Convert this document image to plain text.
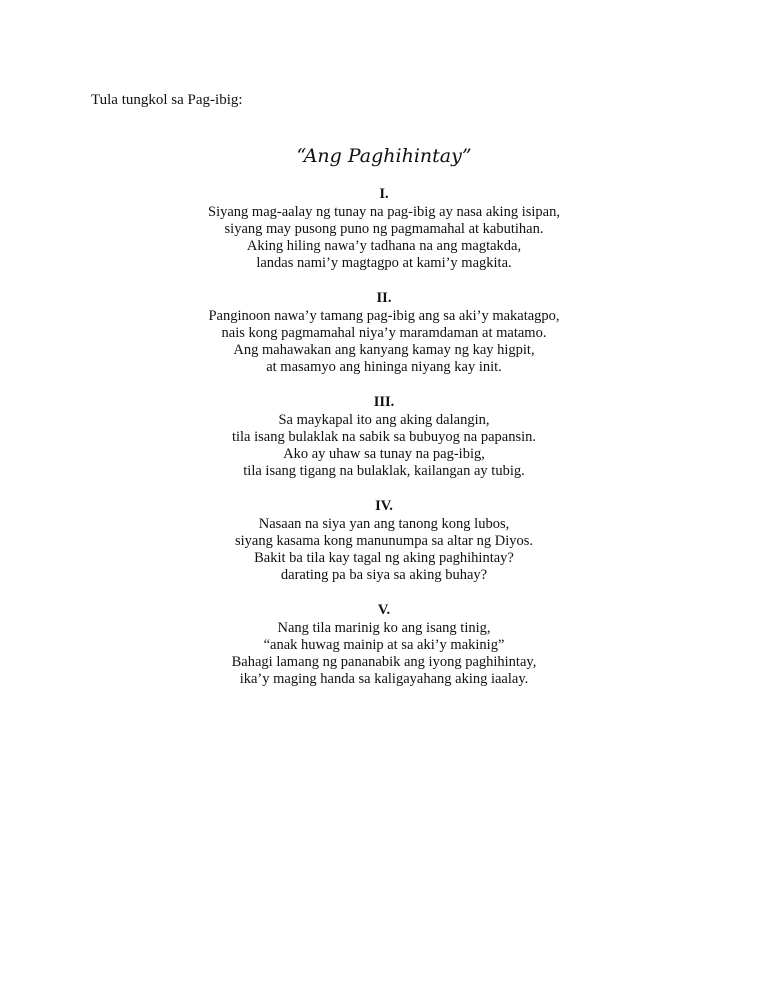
Tula tungkol sa Pag-ibig:

“Ang Paghihintay”
I.
Siyang mag-aalay ng tunay na pag-ibig ay nasa aking isipan,
siyang may pusong puno ng pagmamahal at kabutihan.
Aking hiling nawa’y tadhana na ang magtakda,
landas nami’y magtagpo at kami’y magkita.
II.
Panginoon nawa’y tamang pag-ibig ang sa aki’y makatagpo,
nais kong pagmamahal niya’y maramdaman at matamo.
Ang mahawakan ang kanyang kamay ng kay higpit,
at masamyo ang hininga niyang kay init.
III.
Sa maykapal ito ang aking dalangin,
tila isang bulaklak na sabik sa bubuyog na papansin.
Ako ay uhaw sa tunay na pag-ibig,
tila isang tigang na bulaklak, kailangan ay tubig.
IV.
Nasaan na siya yan ang tanong kong lubos,
siyang kasama kong manunumpa sa altar ng Diyos.
Bakit ba tila kay tagal ng aking paghihintay?
darating pa ba siya sa aking buhay?
V.
Nang tila marinig ko ang isang tinig,
“anak huwag mainip at sa aki’y makinig”
Bahagi lamang ng pananabik ang iyong paghihintay,
ika’y maging handa sa kaligayahang aking iaalay.
